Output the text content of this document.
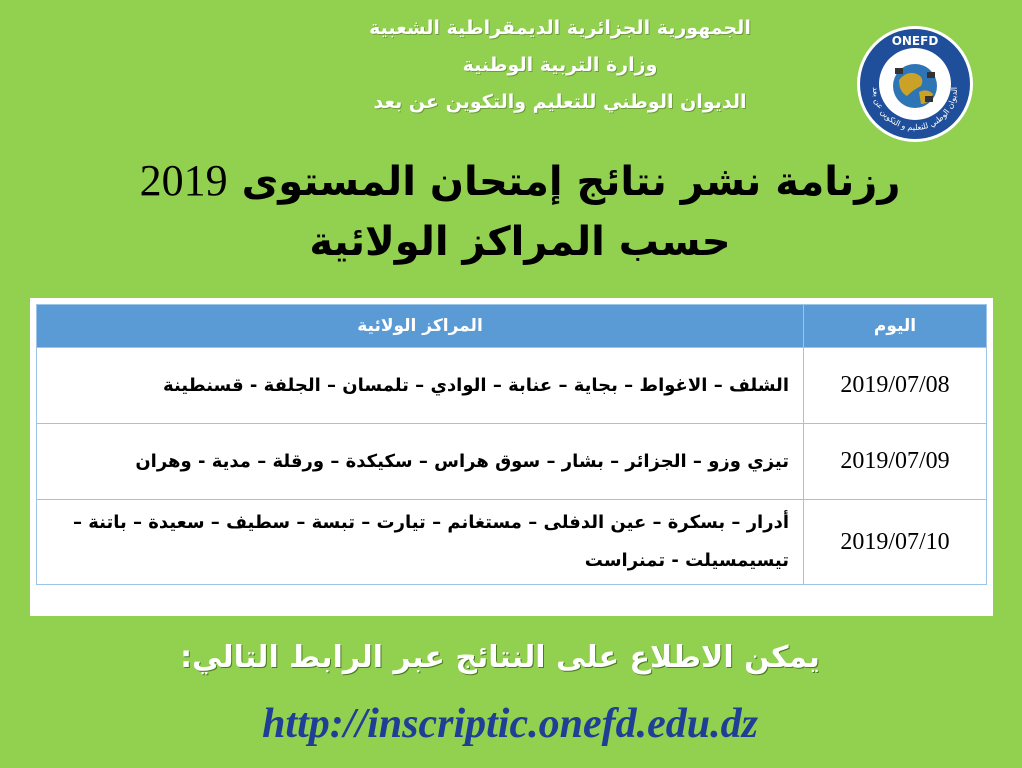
الجمهورية الجزائرية الديمقراطية الشعبية
وزارة التربية الوطنية
الديوان الوطني للتعليم والتكوين عن بعد
ONEFD
الديوان الوطني للتعليم و التكوين عن بعد
رزنامة نشر نتائج إمتحان المستوى 2019
حسب المراكز الولائية
اليوم	المراكز الولائية
2019/07/08	الشلف – الاغواط – بجاية – عنابة – الوادي – تلمسان – الجلفة - قسنطينة
2019/07/09	تيزي وزو – الجزائر – بشار – سوق هراس – سكيكدة – ورقلة – مدية - وهران
2019/07/10	أدرار – بسكرة – عين الدفلى – مستغانم – تيارت – تبسة – سطيف – سعيدة – باتنة – تيسيمسيلت - تمنراست
يمكن الاطلاع على النتائج عبر الرابط التالي:
http://inscriptic.onefd.edu.dz
